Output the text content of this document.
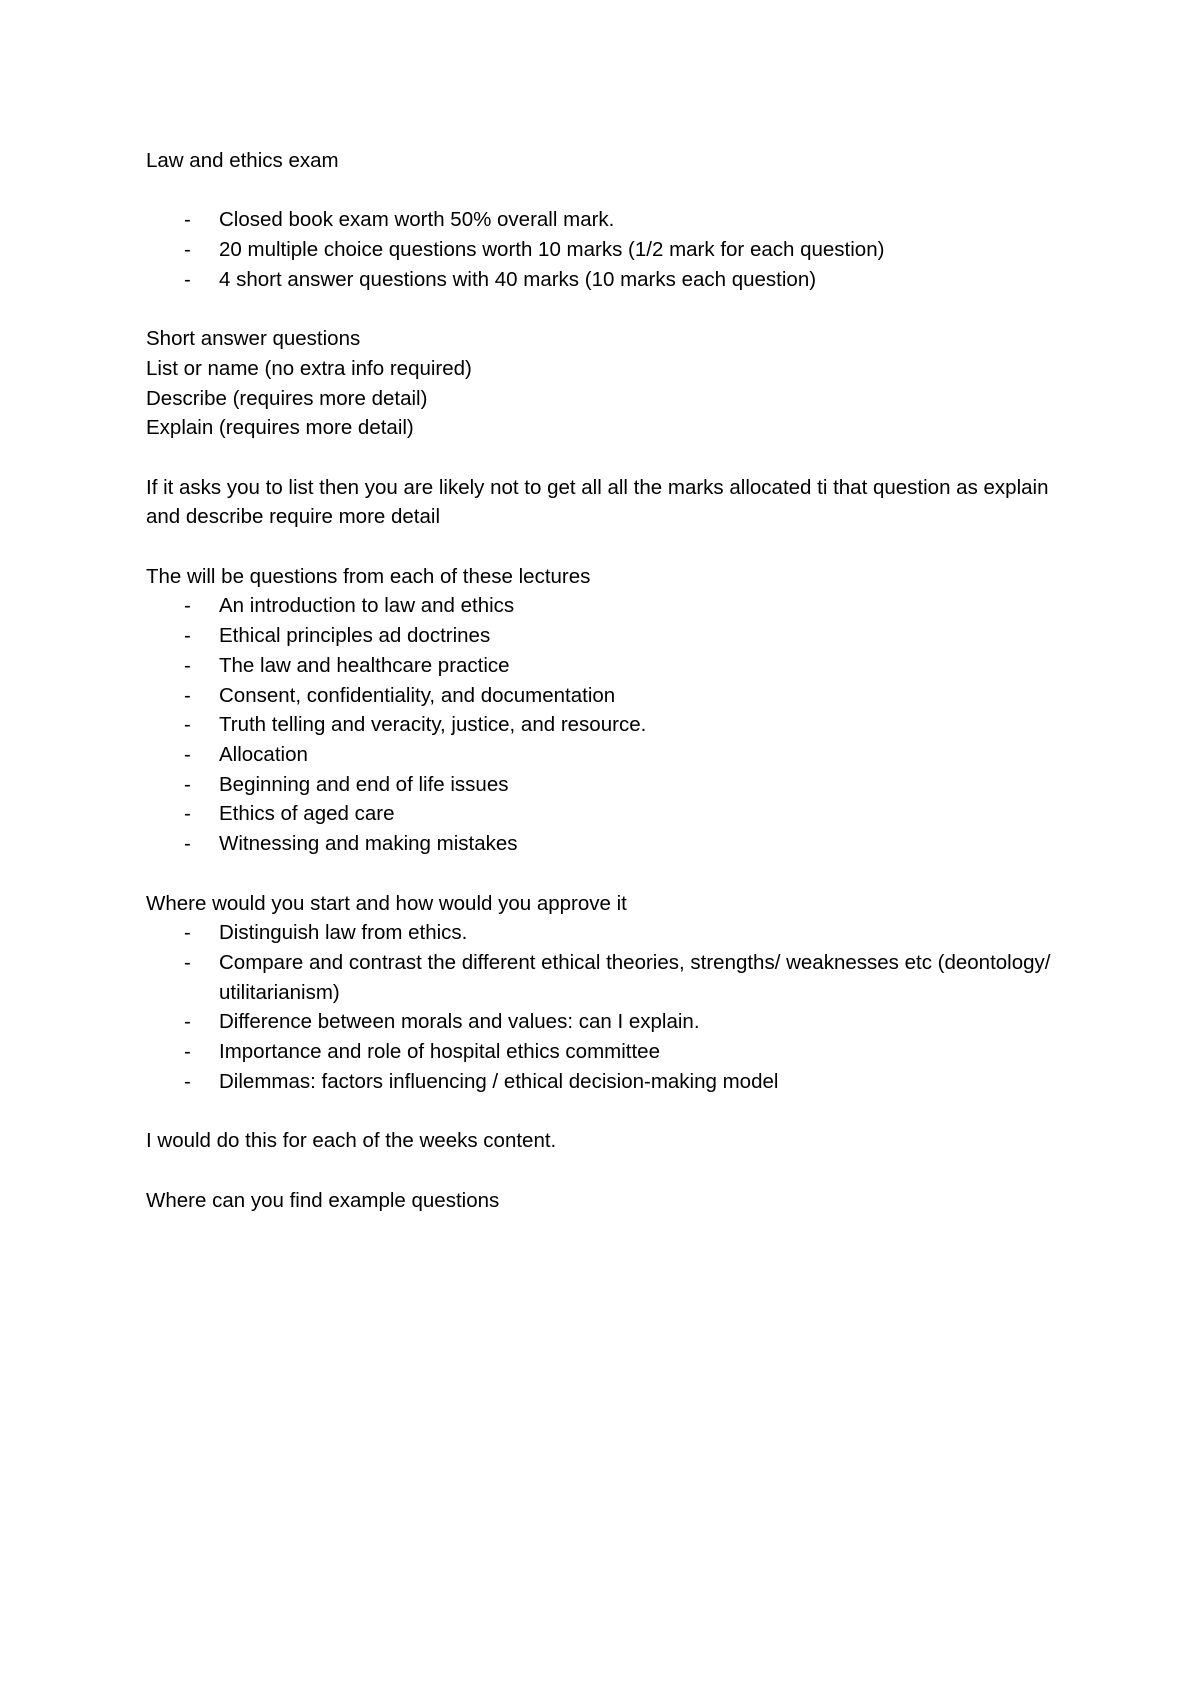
Law and ethics exam

- Closed book exam worth 50% overall mark.
- 20 multiple choice questions worth 10 marks (1/2 mark for each question)
- 4 short answer questions with 40 marks (10 marks each question)

Short answer questions

List or name (no extra info required)

Describe (requires more detail)

Explain (requires more detail)

If it asks you to list then you are likely not to get all all the marks allocated ti that question as explain and describe require more detail

The will be questions from each of these lectures

- An introduction to law and ethics
- Ethical principles ad doctrines
- The law and healthcare practice
- Consent, confidentiality, and documentation
- Truth telling and veracity, justice, and resource.
- Allocation
- Beginning and end of life issues
- Ethics of aged care
- Witnessing and making mistakes

Where would you start and how would you approve it

- Distinguish law from ethics.
- Compare and contrast the different ethical theories, strengths/ weaknesses etc (deontology/ utilitarianism)
- Difference between morals and values: can I explain.
- Importance and role of hospital ethics committee
- Dilemmas: factors influencing / ethical decision-making model

I would do this for each of the weeks content.

Where can you find example questions
